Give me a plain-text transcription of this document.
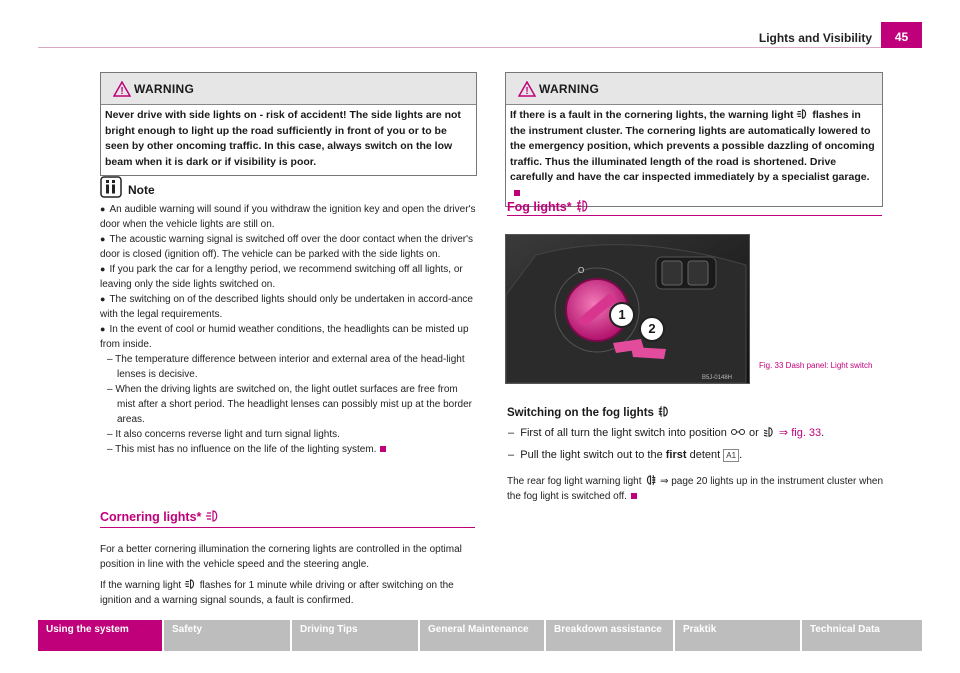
Lights and Visibility	45
! WARNING
Never drive with side lights on - risk of accident! The side lights are not bright enough to light up the road sufficiently in front of you or to be seen by other oncoming traffic. In this case, always switch on the low beam when it is dark or if visibility is poor.
Note

● An audible warning will sound if you withdraw the ignition key and open the driver's door when the vehicle lights are still on.

● The acoustic warning signal is switched off over the door contact when the driver's door is closed (ignition off). The vehicle can be parked with the side lights on.

● If you park the car for a lengthy period, we recommend switching off all lights, or leaving only the side lights switched on.

● The switching on of the described lights should only be undertaken in accord-ance with the legal requirements.

● In the event of cool or humid weather conditions, the headlights can be misted up from inside.

– The temperature difference between interior and external area of the head-light lenses is decisive.

– When the driving lights are switched on, the light outlet surfaces are free from mist after a short period. The headlight lenses can possibly mist up at the border areas.

– It also concerns reverse light and turn signal lights.

– This mist has no influence on the life of the lighting system.

Cornering lights*

For a better cornering illumination the cornering lights are controlled in the optimal position in line with the vehicle speed and the steering angle.

If the warning light flashes for 1 minute while driving or after switching on the ignition and a warning signal sounds, a fault is confirmed.

! WARNING
If there is a fault in the cornering lights, the warning light flashes in the instrument cluster. The cornering lights are automatically lowered to the emergency position, which prevents a possible dazzling of oncoming traffic. Thus the illuminated length of the road is shortened. Drive carefully and have the car inspected immediately by a specialist garage.
Fog lights*
O
B5J-0148H
1
2
Fig. 33 Dash panel: Light switch
Switching on the fog lights
–  First of all turn the light switch into position or ⇒ fig. 33.
–  Pull the light switch out to the first detent A1 .
The rear fog light warning light  ⇒ page 20 lights up in the instrument cluster when the fog light is switched off.
Using the system	Safety	Driving Tips	General Maintenance	Breakdown assistance	Praktik	Technical Data
